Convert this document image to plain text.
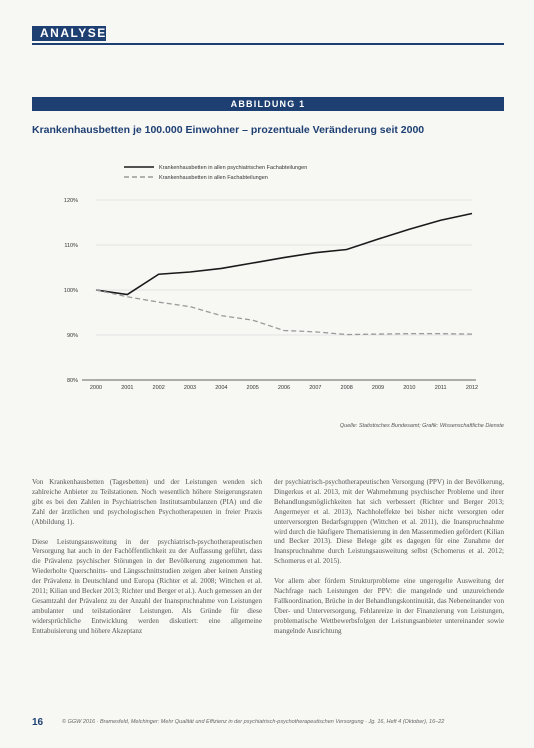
ANALYSE
ABBILDUNG 1
Krankenhausbetten je 100.000 Einwohner – prozentuale Veränderung seit 2000
80%
90%
100%
110%
120%
2000	2001	2002	2003	2004	2005	2006	2007	2008	2009	2010	2011	2012
Krankenhausbetten in allen psychiatrischen Fachabteilungen
Krankenhausbetten in allen Fachabteilungen
Quelle: Statistisches Bundesamt; Grafik: Wissenschaftliche Dienste

Von Krankenhausbetten (Tagesbetten) und der Leistungen wenden sich zahlreiche Anbieter zu Teilstationen. Noch wesentlich höhere Steigerungsraten gibt es bei den Zahlen in Psychiatrischen Institutsambulanzen (PIA) und die Zahl der ärztlichen und psychologischen Psychotherapeuten in freier Praxis (Abbildung 1).

Diese Leistungsausweitung in der psychiatrisch-psychotherapeutischen Versorgung hat auch in der Fachöffentlichkeit zu der Auffassung geführt, dass die Prävalenz psychischer Störungen in der Bevölkerung zugenommen hat. Wiederholte Querschnitts- und Längsschnittstudien zeigen aber keinen Anstieg der Prävalenz in Deutschland und Europa (Richter et al. 2008; Wittchen et al. 2011; Kilian und Becker 2013; Richter und Berger et al.). Auch gemessen an der Gesamtzahl der Prävalenz zu der Anzahl der Inanspruchnahme von Leistungen ambulanter und teilstationärer Leistungen. Als Gründe für diese widersprüchliche Entwicklung werden diskutiert: eine allgemeine Enttabuisierung und höhere Akzeptanz

der psychiatrisch-psychotherapeutischen Versorgung (PPV) in der Bevölkerung, Dingerkus et al. 2013, mit der Wahrnehmung psychischer Probleme und ihrer Behandlungsmöglichkeiten hat sich verbessert (Richter und Berger 2013; Angermeyer et al. 2013), Nachholeffekte bei bisher nicht versorgten oder unterversorgten Bedarfsgruppen (Wittchen et al. 2011), die Inanspruchnahme wird durch die häufigere Thematisierung in den Massenmedien gefördert (Kilian und Becker 2013). Diese Belege gibt es dagegen für eine Zunahme der Inanspruchnahme durch Leistungsausweitung selbst (Schomerus et al. 2012; Schomerus et al. 2015).

Vor allem aber fördern Strukturprobleme eine ungeregelte Ausweitung der Nachfrage nach Leistungen der PPV: die mangelnde und unzureichende Fallkoordination, Brüche in der Behandlungskontinuität, das Nebeneinander von Über- und Unterversorgung, Fehlanreize in der Finanzierung von Leistungen, problematische Wettbewerbsfolgen der Leistungsanbieter untereinander sowie mangelnde Ausrichtung

16	© GGW 2016 · Bramesfeld, Melchinger: Mehr Qualität und Effizienz in der psychiatrisch-psychotherapeutischen Versorgung · Jg. 16, Heft 4 (Oktober), 16–22
